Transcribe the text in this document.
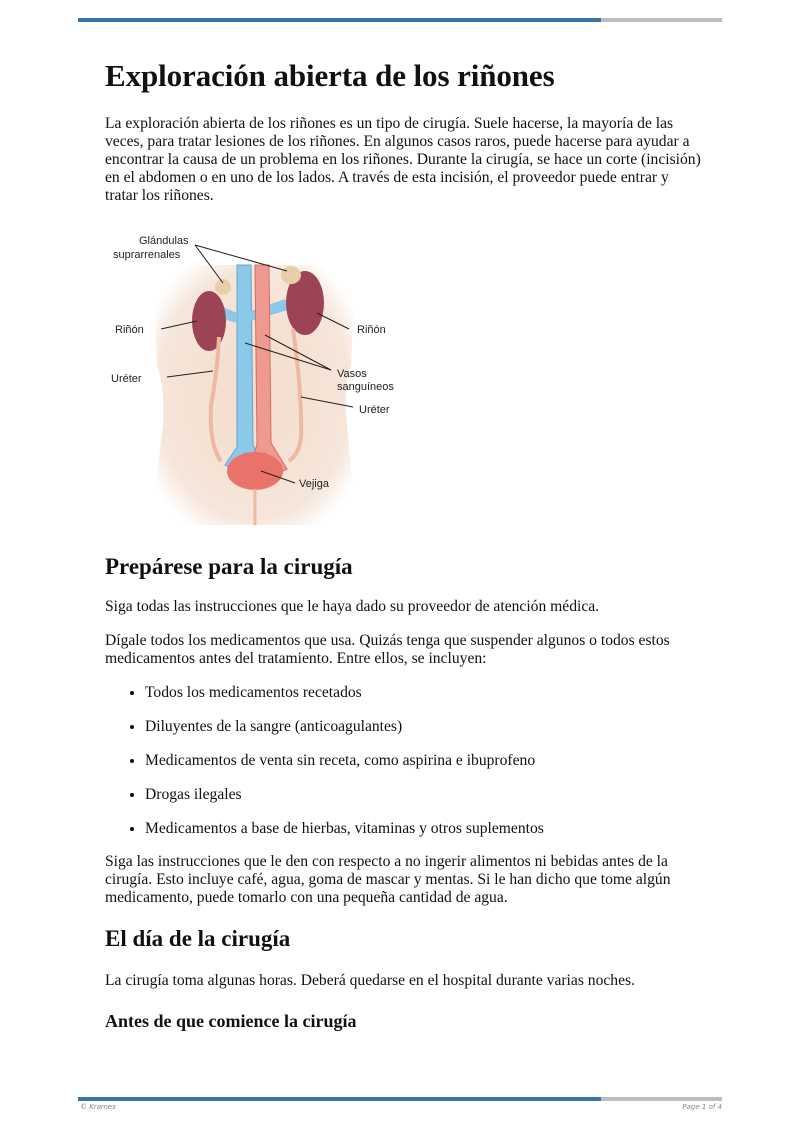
Exploración abierta de los riñones

La exploración abierta de los riñones es un tipo de cirugía. Suele hacerse, la mayoría de las veces, para tratar lesiones de los riñones. En algunos casos raros, puede hacerse para ayudar a encontrar la causa de un problema en los riñones. Durante la cirugía, se hace un corte (incisión) en el abdomen o en uno de los lados. A través de esta incisión, el proveedor puede entrar y tratar los riñones.

Glándulas
suprarrenales
Riñón	Riñón
Uréter	Vasos
sanguíneos
Uréter
Vejiga
Prepárese para la cirugía

Siga todas las instrucciones que le haya dado su proveedor de atención médica.

Dígale todos los medicamentos que usa. Quizás tenga que suspender algunos o todos estos medicamentos antes del tratamiento. Entre ellos, se incluyen:

• Todos los medicamentos recetados
• Diluyentes de la sangre (anticoagulantes)
• Medicamentos de venta sin receta, como aspirina e ibuprofeno
• Drogas ilegales
• Medicamentos a base de hierbas, vitaminas y otros suplementos

Siga las instrucciones que le den con respecto a no ingerir alimentos ni bebidas antes de la cirugía. Esto incluye café, agua, goma de mascar y mentas. Si le han dicho que tome algún medicamento, puede tomarlo con una pequeña cantidad de agua.

El día de la cirugía

La cirugía toma algunas horas. Deberá quedarse en el hospital durante varias noches.

Antes de que comience la cirugía
© Krames	Page 1 of 4
